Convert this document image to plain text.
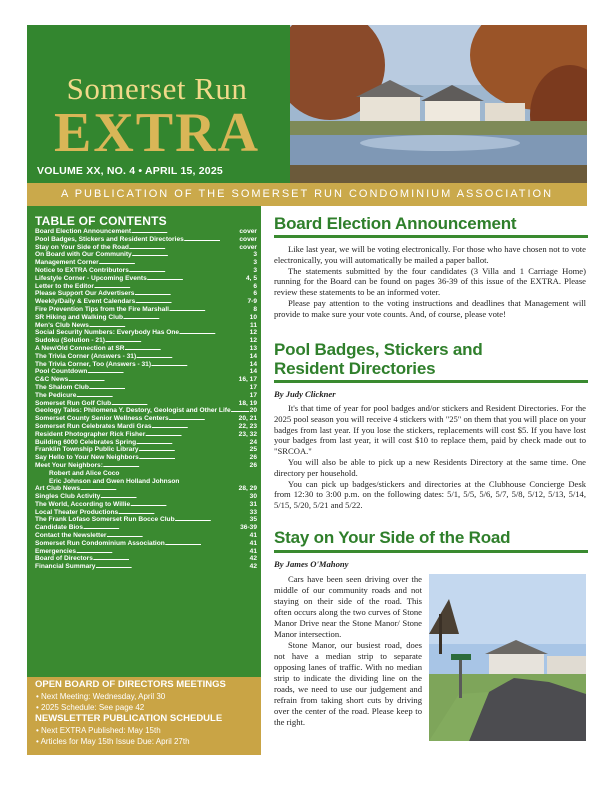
Somerset Run
EXTRA
VOLUME XX, NO. 4 • APRIL 15, 2025
A PUBLICATION OF THE SOMERSET RUN CONDOMINIUM ASSOCIATION
TABLE OF CONTENTS
Board Election Announcement . . .	cover
Pool Badges, Stickers and Resident Directories . . .	cover
Stay on Your Side of the Road . . .	cover
On Board with Our Community . . .	3
Management Corner . . .	3
Notice to EXTRA Contributors . . .	3
Lifestyle Corner - Upcoming Events . . .	4, 5
Letter to the Editor . . .	6
Please Support Our Advertisers . . .	6
Weekly/Daily & Event Calendars . . .	7-9
Fire Prevention Tips from the Fire Marshall . . .	8
SR Hiking and Walking Club . . .	10
Men's Club News . . .	11
Social Security Numbers: Everybody Has One . . .	12
Sudoku (Solution - 21) . . .	12
A New/Old Connection at SR . . .	13
The Trivia Corner (Answers - 31) . . .	14
The Trivia Corner, Too (Answers - 31) . . .	14
Pool Countdown . . .	14
C&C News . . .	16, 17
The Shalom Club . . .	17
The Pedicure . . .	17
Somerset Run Golf Club . . .	18, 19
Geology Tales: Philomena Y. Destory, Geologist and Other Life . . .	20
Somerset County Senior Wellness Centers . . .	20, 21
Somerset Run Celebrates Mardi Gras . . .	22, 23
Resident Photographer Rick Fisher . . .	23, 32
Building 6000 Celebrates Spring . . .	24
Franklin Township Public Library . . .	25
Say Hello to Your New Neighbors . . .	26
Meet Your Neighbors: . . .	26
Robert and Alice Coco
Eric Johnson and Gwen Holland Johnson
Art Club News . . .	28, 29
Singles Club Activity . . .	30
The World, According to Willie . . .	31
Local Theater Productions . . .	33
The Frank Lofaso Somerset Run Bocce Club . . .	35
Candidate Bios . . .	36-39
Contact the Newsletter . . .	41
Somerset Run Condominium Association . . .	41
Emergencies . . .	41
Board of Directors . . .	42
Financial Summary . . .	42
OPEN BOARD OF DIRECTORS MEETINGS
• Next Meeting: Wednesday, April 30
• 2025 Schedule: See page 42
NEWSLETTER PUBLICATION SCHEDULE
• Next EXTRA Published: May 15th
• Articles for May 15th Issue Due: April 27th
Board Election Announcement

Like last year, we will be voting electronically. For those who have chosen not to vote electronically, you will automatically be mailed a paper ballot.

The statements submitted by the four candidates (3 Villa and 1 Carriage Home) running for the Board can be found on pages 36-39 of this issue of the EXTRA. Please review these statements to be an informed voter.

Please pay attention to the voting instructions and deadlines that Management will provide to make sure your vote counts. And, of course, please vote!

Pool Badges, Stickers and
Resident Directories
By Judy Clickner

It's that time of year for pool badges and/or stickers and Resident Directories. For the 2025 pool season you will receive 4 stickers with "25" on them that you will place on your badges from last year. If you lose the stickers, replacements will cost $5. If you have lost your badges from last year, it will cost $10 to replace them, paid by check made out to "SRCOA."

You will also be able to pick up a new Residents Directory at the same time. One directory per household.

You can pick up badges/stickers and directories at the Clubhouse Concierge Desk from 12:30 to 3:00 p.m. on the following dates: 5/1, 5/5, 5/6, 5/7, 5/8, 5/12, 5/13, 5/14, 5/15, 5/20, 5/21 and 5/22.

Stay on Your Side of the Road
By James O'Mahony

Cars have been seen driving over the middle of our community roads and not staying on their side of the road. This often occurs along the two curves of Stone Manor Drive near the Stone Manor/ Stone Manor intersection.

Stone Manor, our busiest road, does not have a median strip to separate opposing lanes of traffic. With no median strip to indicate the dividing line on the roads, we need to use our judgement and refrain from taking short cuts by driving over the center of the road. Please keep to the right.
